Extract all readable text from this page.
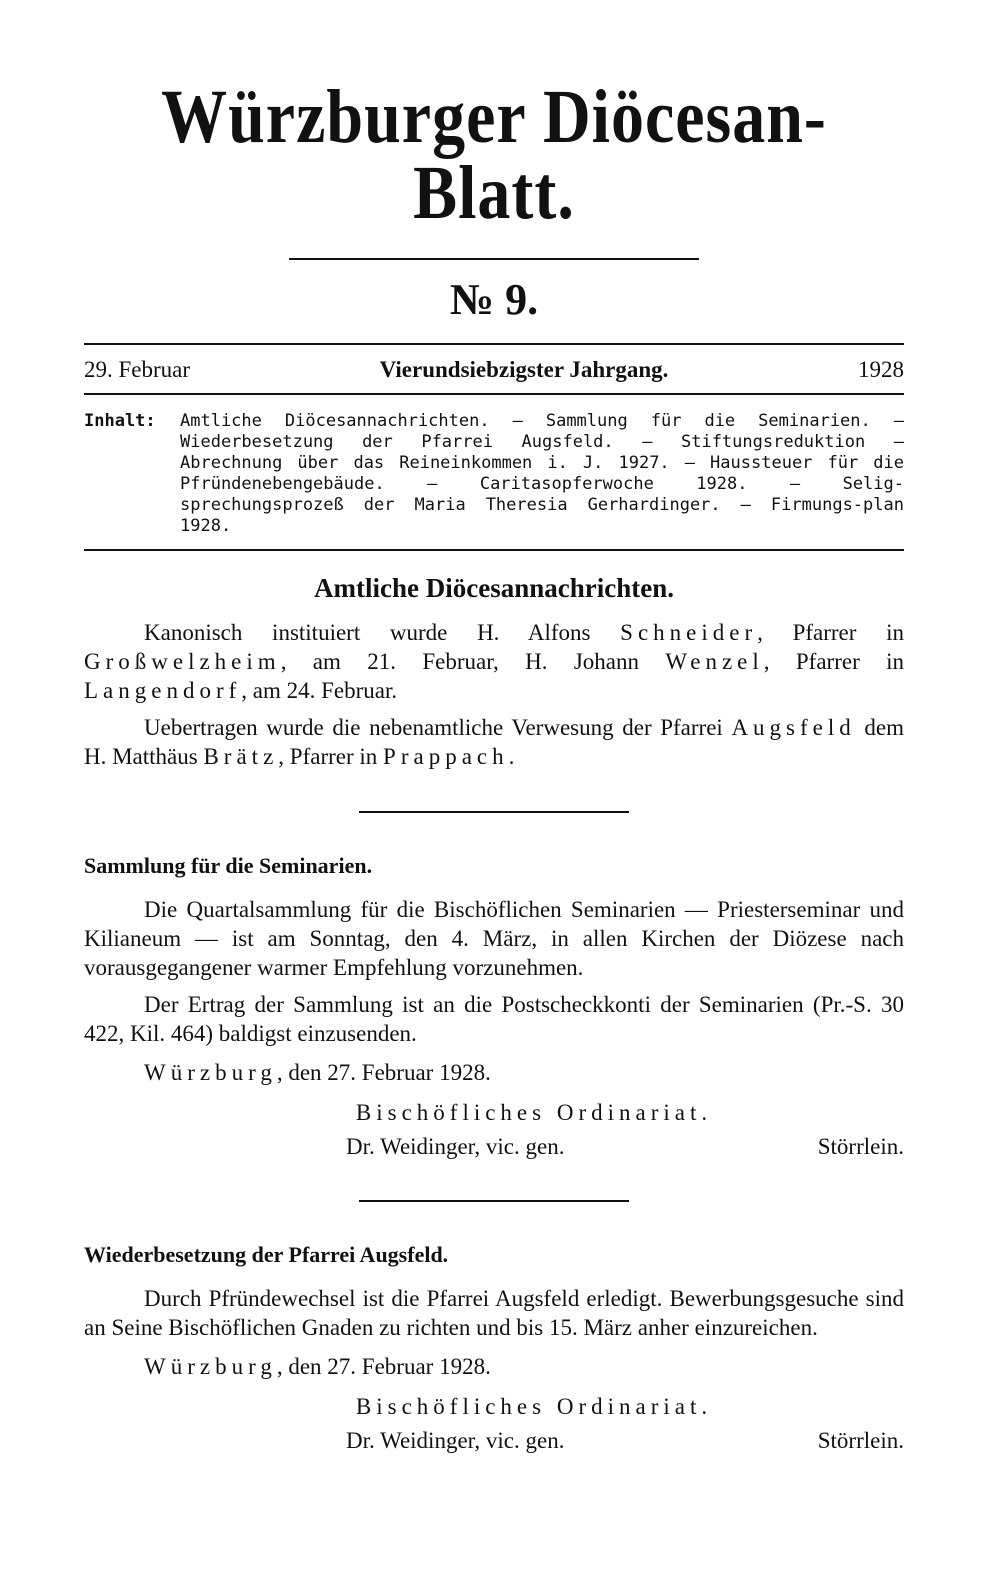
Würzburger Diöcesan-Blatt.
№ 9.
29. Februar	Vierundsiebzigster Jahrgang.	1928
Inhalt:	Amtliche Diöcesannachrichten. — Sammlung für die Seminarien. — Wiederbesetzung der Pfarrei Augsfeld. — Stiftungsreduktion — Abrechnung über das Reineinkommen i. J. 1927. — Haussteuer für die Pfründenebengebäude. — Caritasopferwoche 1928. — Selig-sprechungsprozeß der Maria Theresia Gerhardinger. — Firmungs-plan 1928.
Amtliche Diöcesannachrichten.

Kanonisch instituiert wurde H. Alfons Schneider, Pfarrer in Großwelzheim, am 21. Februar, H. Johann Wenzel, Pfarrer in Langendorf, am 24. Februar.

Uebertragen wurde die nebenamtliche Verwesung der Pfarrei Augsfeld dem H. Matthäus Brätz, Pfarrer in Prappach.

Sammlung für die Seminarien.

Die Quartalsammlung für die Bischöflichen Seminarien — Priesterseminar und Kilianeum — ist am Sonntag, den 4. März, in allen Kirchen der Diözese nach vorausgegangener warmer Empfehlung vorzunehmen.

Der Ertrag der Sammlung ist an die Postscheckkonti der Seminarien (Pr.-S. 30 422, Kil. 464) baldigst einzusenden.

Würzburg, den 27. Februar 1928.
Bischöfliches Ordinariat.
Dr. Weidinger, vic. gen.	Störrlein.
Wiederbesetzung der Pfarrei Augsfeld.

Durch Pfründewechsel ist die Pfarrei Augsfeld erledigt. Bewerbungsgesuche sind an Seine Bischöflichen Gnaden zu richten und bis 15. März anher einzureichen.

Würzburg, den 27. Februar 1928.
Bischöfliches Ordinariat.
Dr. Weidinger, vic. gen.	Störrlein.
